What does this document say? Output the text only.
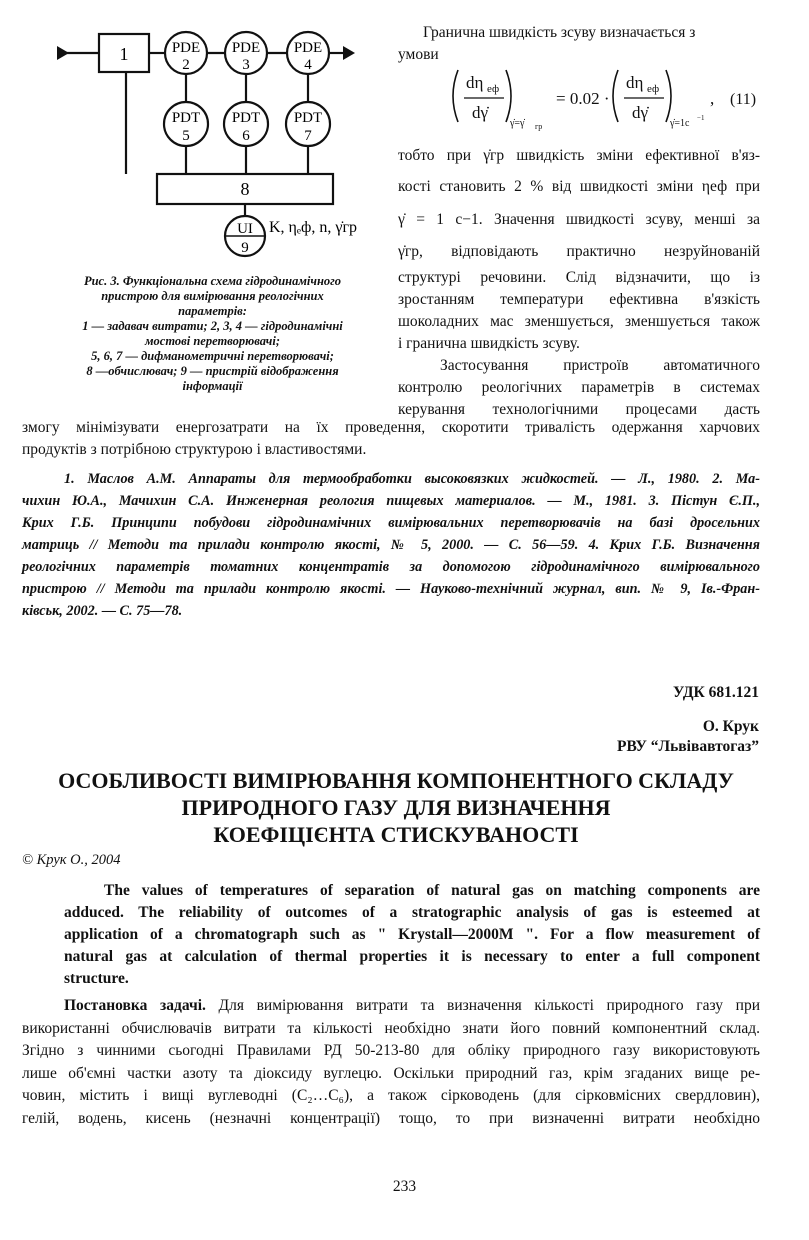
1	PDE
2
PDE
3
PDE
4
PDT
5
PDT
6
PDT
7
8
UI
9
K, ηₑф, n, γ̇гр
Рис. 3. Функціональна схема гідродинамічного
пристрою для вимірювання реологічних
параметрів:
1 — задавач витрати; 2, 3, 4 — гідродинамічні
мостові перетворювачі;
5, 6, 7 — дифманометричні перетворювачі;
8 —обчислювач; 9 — пристрій відображення
інформації
Гранична швидкість зсуву визначається з
умови
dη еф
dγ̇
γ̇=γ̇ гр
= 0.02 ·
dη еф
dγ̇
γ̇=1c −1
, (11)
тобто при γ̇гр швидкість зміни ефективної в'яз-
кості становить 2 % від швидкості зміни ηеф при
γ̇ = 1 с−1. Значення швидкості зсуву, менші за
γ̇гр, відповідають практично незруйнованій
структурі речовини. Слід відзначити, що із
зростанням температури ефективна в'язкість
шоколадних мас зменшується, зменшується також
і гранична швидкість зсуву.
Застосування пристроїв автоматичного
контролю реологічних параметрів в системах
керування технологічними процесами дасть
змогу мінімізувати енергозатрати на їх проведення, скоротити тривалість одержання харчових
продуктів з потрібною структурою і властивостями.
1. Маслов А.М. Аппараты для термообработки высоковязких жидкостей. — Л., 1980. 2. Ма-
чихин Ю.А., Мачихин С.А. Инженерная реология пищевых материалов. — М., 1981. 3. Пістун Є.П.,
Крих Г.Б. Принципи побудови гідродинамічних вимірювальних перетворювачів на базі дросельних
матриць // Методи та прилади контролю якості, № 5, 2000. — С. 56—59. 4. Крих Г.Б. Визначення
реологічних параметрів томатних концентратів за допомогою гідродинамічного вимірювального
пристрою // Методи та прилади контролю якості. — Науково-технічний журнал, вип. № 9, Ів.-Фран-
ківськ, 2002. — С. 75—78.
УДК 681.121
О. Крук
РВУ “Львівавтогаз”
ОСОБЛИВОСТІ ВИМІРЮВАННЯ КОМПОНЕНТНОГО СКЛАДУ
ПРИРОДНОГО ГАЗУ ДЛЯ ВИЗНАЧЕННЯ
КОЕФІЦІЄНТА СТИСКУВАНОСТІ
© Крук О., 2004
The values of temperatures of separation of natural gas on matching components are
adduced. The reliability of outcomes of a stratographic analysis of gas is esteemed at
application of a chromatograph such as " Krystall—2000M ". For a flow measurement of
natural gas at calculation of thermal properties it is necessary to enter a full component
structure.
Постановка задачі. Для вимірювання витрати та визначення кількості природного газу при
використанні обчислювачів витрати та кількості необхідно знати його повний компонентний склад.
Згідно з чинними сьогодні Правилами РД 50-213-80 для обліку природного газу використовують
лише об'ємні частки азоту та діоксиду вуглецю. Оскільки природний газ, крім згаданих вище ре-
човин, містить і вищі вуглеводні (C₂…C₆), а також сірководень (для сірковмісних свердловин),
гелій, водень, кисень (незначні концентрації) тощо, то при визначенні витрати необхідно
233
